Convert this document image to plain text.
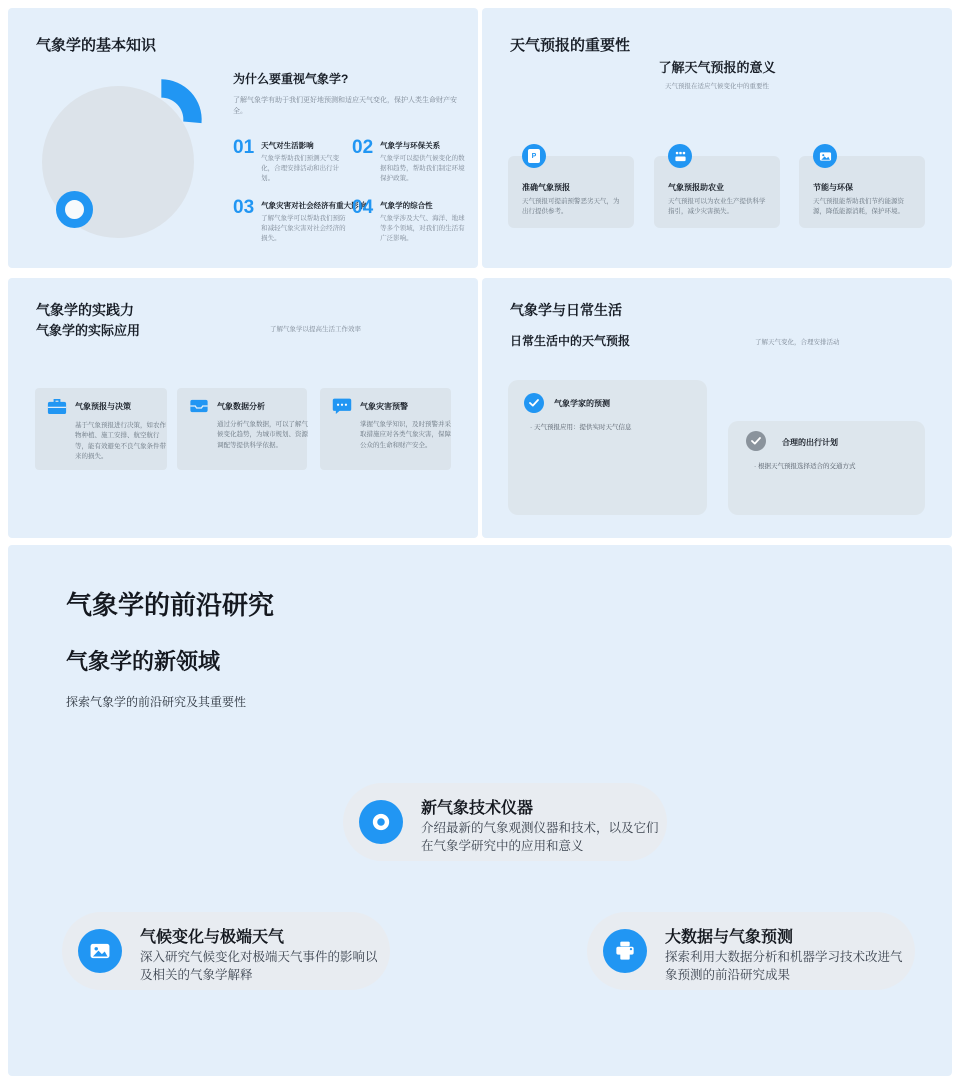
气象学的基本知识
为什么要重视气象学?
了解气象学有助于我们更好地预测和适应天气变化，保护人类生命财产安全。
01 天气对生活影响
气象学帮助我们预测天气变化，合理安排活动和出行计划。
02 气象学与环保关系
气象学可以提供气候变化的数据和趋势，帮助我们制定环境保护政策。
03 气象灾害对社会经济有重大影响
了解气象学可以帮助我们预防和减轻气象灾害对社会经济的损失。
04 气象学的综合性
气象学涉及大气、海洋、地球等多个领域，对我们的生活有广泛影响。
天气预报的重要性
了解天气预报的意义
天气预报在适应气候变化中的重要性
P
准确气象预报
天气预报可提前预警恶劣天气，为出行提供参考。
气象预报助农业
天气预报可以为农业生产提供科学指引，减少灾害损失。
节能与环保
天气预报能帮助我们节约能源资源，降低能源消耗，保护环境。
气象学的实践力
气象学的实际应用	了解气象学以提高生活工作效率
气象预报与决策
基于气象预报进行决策，如农作物种植、施工安排、航空航行等，能有效避免不良气象条件带来的损失。
气象数据分析
通过分析气象数据，可以了解气候变化趋势，为城市规划、资源调配等提供科学依据。
气象灾害预警
掌握气象学知识，及时预警并采取措施应对各类气象灾害，保障公众的生命和财产安全。
气象学与日常生活
日常生活中的天气预报	了解天气变化，合理安排活动
气象学家的预测
· 天气预报应用：提供实时天气信息
合理的出行计划
· 根据天气预报选择适合的交通方式
气象学的前沿研究
气象学的新领域
探索气象学的前沿研究及其重要性
新气象技术仪器
介绍最新的气象观测仪器和技术，以及它们在气象学研究中的应用和意义
气候变化与极端天气
深入研究气候变化对极端天气事件的影响以及相关的气象学解释
大数据与气象预测
探索利用大数据分析和机器学习技术改进气象预测的前沿研究成果
